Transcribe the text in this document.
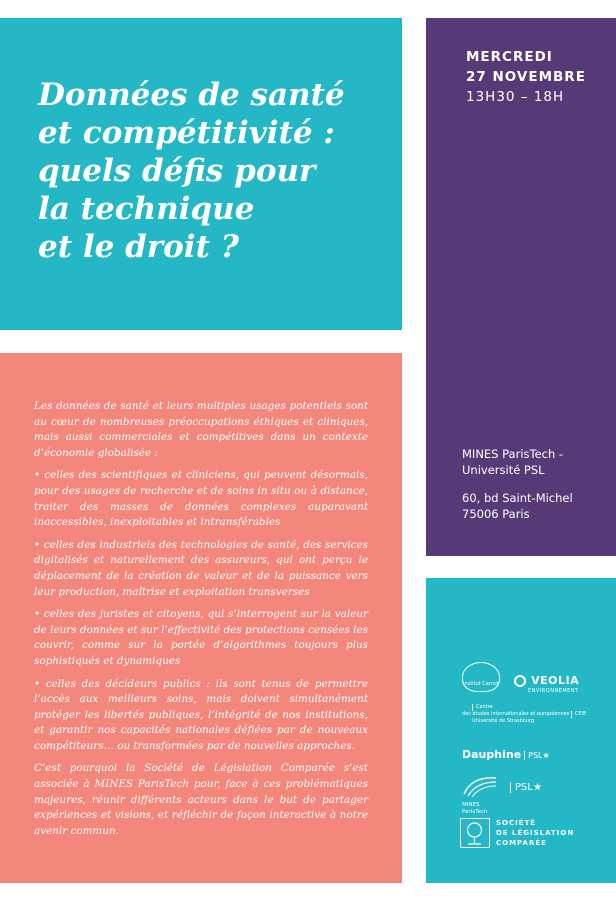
Données de santé
et compétitivité :
quels défis pour
la technique
et le droit ?
MERCREDI
27 NOVEMBRE
13H30 – 18H
MINES ParisTech -
Université PSL
60, bd Saint-Michel
75006 Paris

Les données de santé et leurs multiples usages potentiels sont au cœur de nombreuses préoccupations éthiques et cliniques, mais aussi commerciales et compétitives dans un contexte d’économie globalisée :

• celles des scientifiques et cliniciens, qui peuvent désormais, pour des usages de recherche et de soins in situ ou à distance, traiter des masses de données complexes auparavant inaccessibles, inexploitables et intransférables

• celles des industriels des technologies de santé, des services digitalisés et naturellement des assureurs, qui ont perçu le déplacement de la création de valeur et de la puissance vers leur production, maîtrise et exploitation transverses

• celles des juristes et citoyens, qui s’interrogent sur la valeur de leurs données et sur l’effectivité des protections censées les couvrir, comme sur la portée d’algorithmes toujours plus sophistiqués et dynamiques

• celles des décideurs publics : ils sont tenus de permettre l’accès aux meilleurs soins, mais doivent simultanément protéger les libertés publiques, l’intégrité de nos institutions, et garantir nos capacités nationales défiées par de nouveaux compétiteurs… ou transformées par de nouvelles approches.

C’est pourquoi la Société de Législation Comparée s’est associée à MINES ParisTech pour, face à ces problématiques majeures, réunir différents acteurs dans le but de partager expériences et visions, et réfléchir de façon interactive à notre avenir commun.

institut Carnot	VEOLIA
ENVIRONNEMENT
Centre
des études internationales et européennes CEIE
Université de Strasbourg
Dauphine PSL★
MINES
ParisTech
PSL★
SOCIÉTÉ
DE LÉGISLATION
COMPARÉE
